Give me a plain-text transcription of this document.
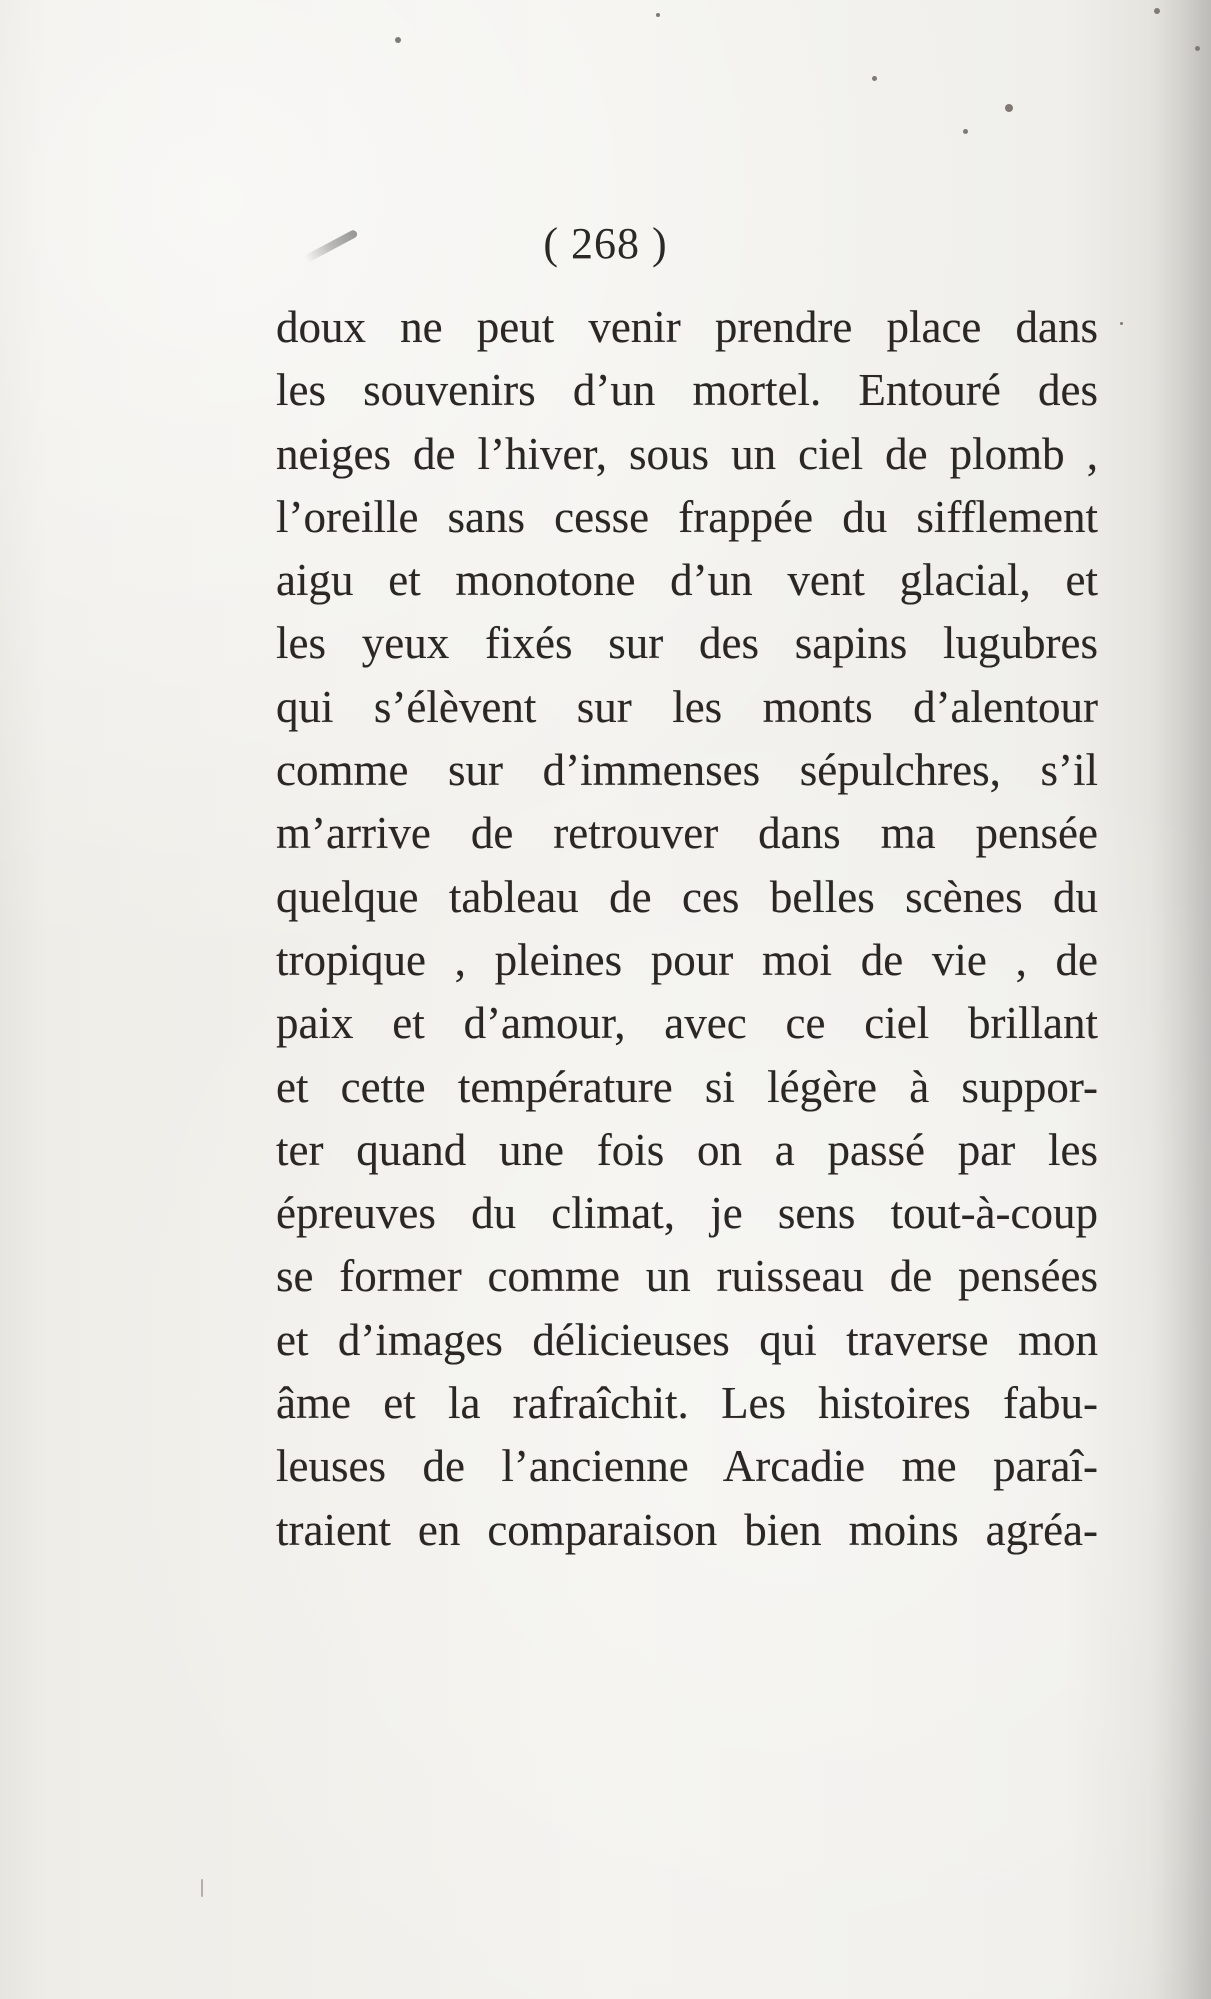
( 268 )
doux ne peut venir prendre place dans
les souvenirs d’un mortel. Entouré des
neiges de l’hiver, sous un ciel de plomb ,
l’oreille sans cesse frappée du sifflement
aigu et monotone d’un vent glacial, et
les yeux fixés sur des sapins lugubres
qui s’élèvent sur les monts d’alentour
comme sur d’immenses sépulchres, s’il
m’arrive de retrouver dans ma pensée
quelque tableau de ces belles scènes du
tropique , pleines pour moi de vie , de
paix et d’amour, avec ce ciel brillant
et cette température si légère à suppor-
ter quand une fois on a passé par les
épreuves du climat, je sens tout-à-coup
se former comme un ruisseau de pensées
et d’images délicieuses qui traverse mon
âme et la rafraîchit. Les histoires fabu-
leuses de l’ancienne Arcadie me paraî-
traient en comparaison bien moins agréa-
